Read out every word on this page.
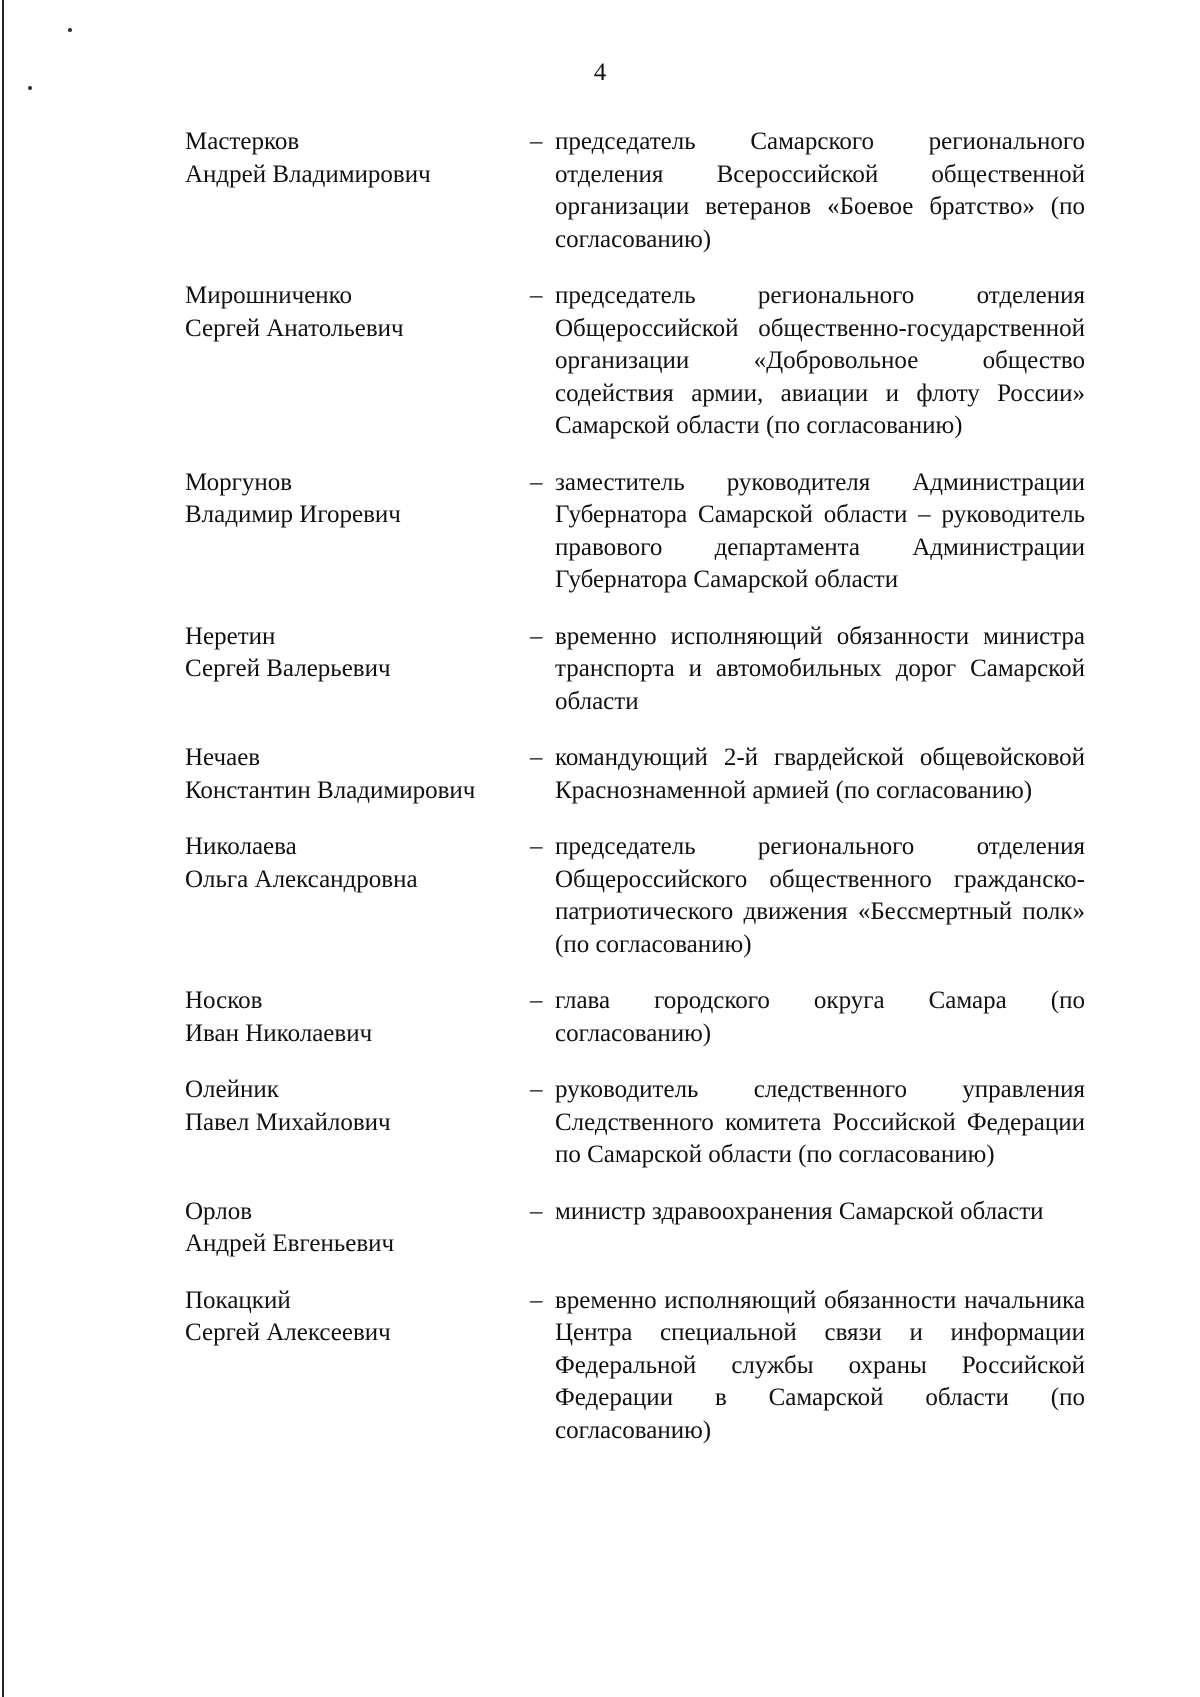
4
Мастерков
Андрей Владимирович
– председатель Самарского регионального отделения Всероссийской общественной организации ветеранов «Боевое братство» (по согласованию)
Мирошниченко
Сергей Анатольевич
– председатель регионального отделения Общероссийской общественно-государственной организации «Добровольное общество содействия армии, авиации и флоту России» Самарской области (по согласованию)
Моргунов
Владимир Игоревич
– заместитель руководителя Администрации Губернатора Самарской области – руководитель правового департамента Администрации Губернатора Самарской области
Неретин
Сергей Валерьевич
– временно исполняющий обязанности министра транспорта и автомобильных дорог Самарской области
Нечаев
Константин Владимирович
– командующий 2-й гвардейской общевойсковой Краснознаменной армией (по согласованию)
Николаева
Ольга Александровна
– председатель регионального отделения Общероссийского общественного гражданско-патриотического движения «Бессмертный полк» (по согласованию)
Носков
Иван Николаевич
– глава городского округа Самара (по согласованию)
Олейник
Павел Михайлович
– руководитель следственного управления Следственного комитета Российской Федерации по Самарской области (по согласованию)
Орлов
Андрей Евгеньевич
– министр здравоохранения Самарской области
Покацкий
Сергей Алексеевич
– временно исполняющий обязанности начальника Центра специальной связи и информации Федеральной службы охраны Российской Федерации в Самарской области (по согласованию)
